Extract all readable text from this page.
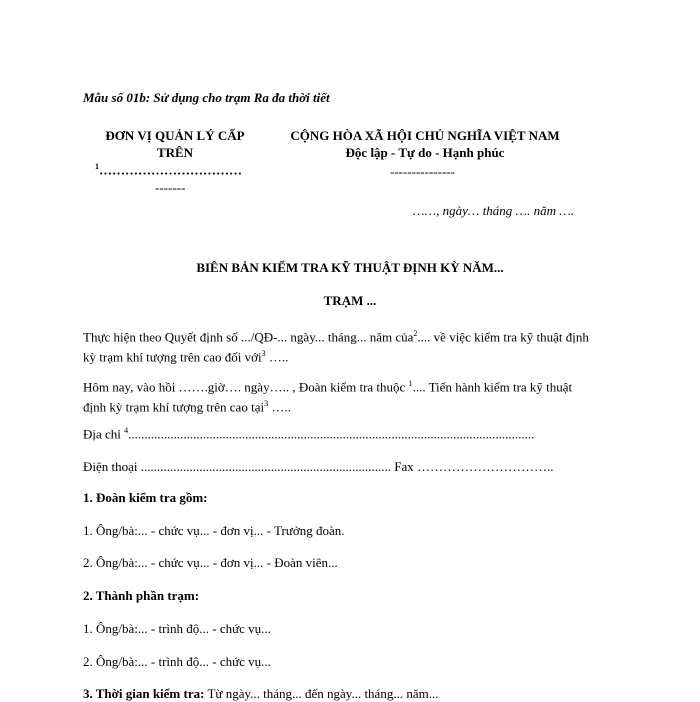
Mẫu số 01b: Sử dụng cho trạm Ra đa thời tiết

ĐƠN VỊ QUẢN LÝ CẤP
TRÊN

$^1$……………………………

-------

CỘNG HÒA XÃ HỘI CHỦ NGHĨA VIỆT NAM
Độc lập - Tự do - Hạnh phúc

---------------

……, ngày… tháng …. năm ….

BIÊN BẢN KIỂM TRA KỸ THUẬT ĐỊNH KỲ NĂM...

TRẠM ...

Thực hiện theo Quyết định số .../QĐ-... ngày... tháng... năm của$^2$.... về việc kiểm tra kỹ thuật định
kỳ trạm khí tượng trên cao đối với$^3$ …..
Hôm nay, vào hồi …….giờ…. ngày….. , Đoàn kiểm tra thuộc $^1$.... Tiến hành kiểm tra kỹ thuật
định kỳ trạm khí tượng trên cao tại$^3$ …..

Địa chỉ $^4$.............................................................................................................................

Điện thoại ............................................................................. Fax …………………………..

1. Đoàn kiểm tra gồm:

1. Ông/bà:... - chức vụ... - đơn vị... - Trưởng đoàn.

2. Ông/bà:... - chức vụ... - đơn vị... - Đoàn viên...

2. Thành phần trạm:

1. Ông/bà:... - trình độ... - chức vụ...

2. Ông/bà:... - trình độ... - chức vụ...

3. Thời gian kiểm tra: Từ ngày... tháng... đến ngày... tháng... năm...
